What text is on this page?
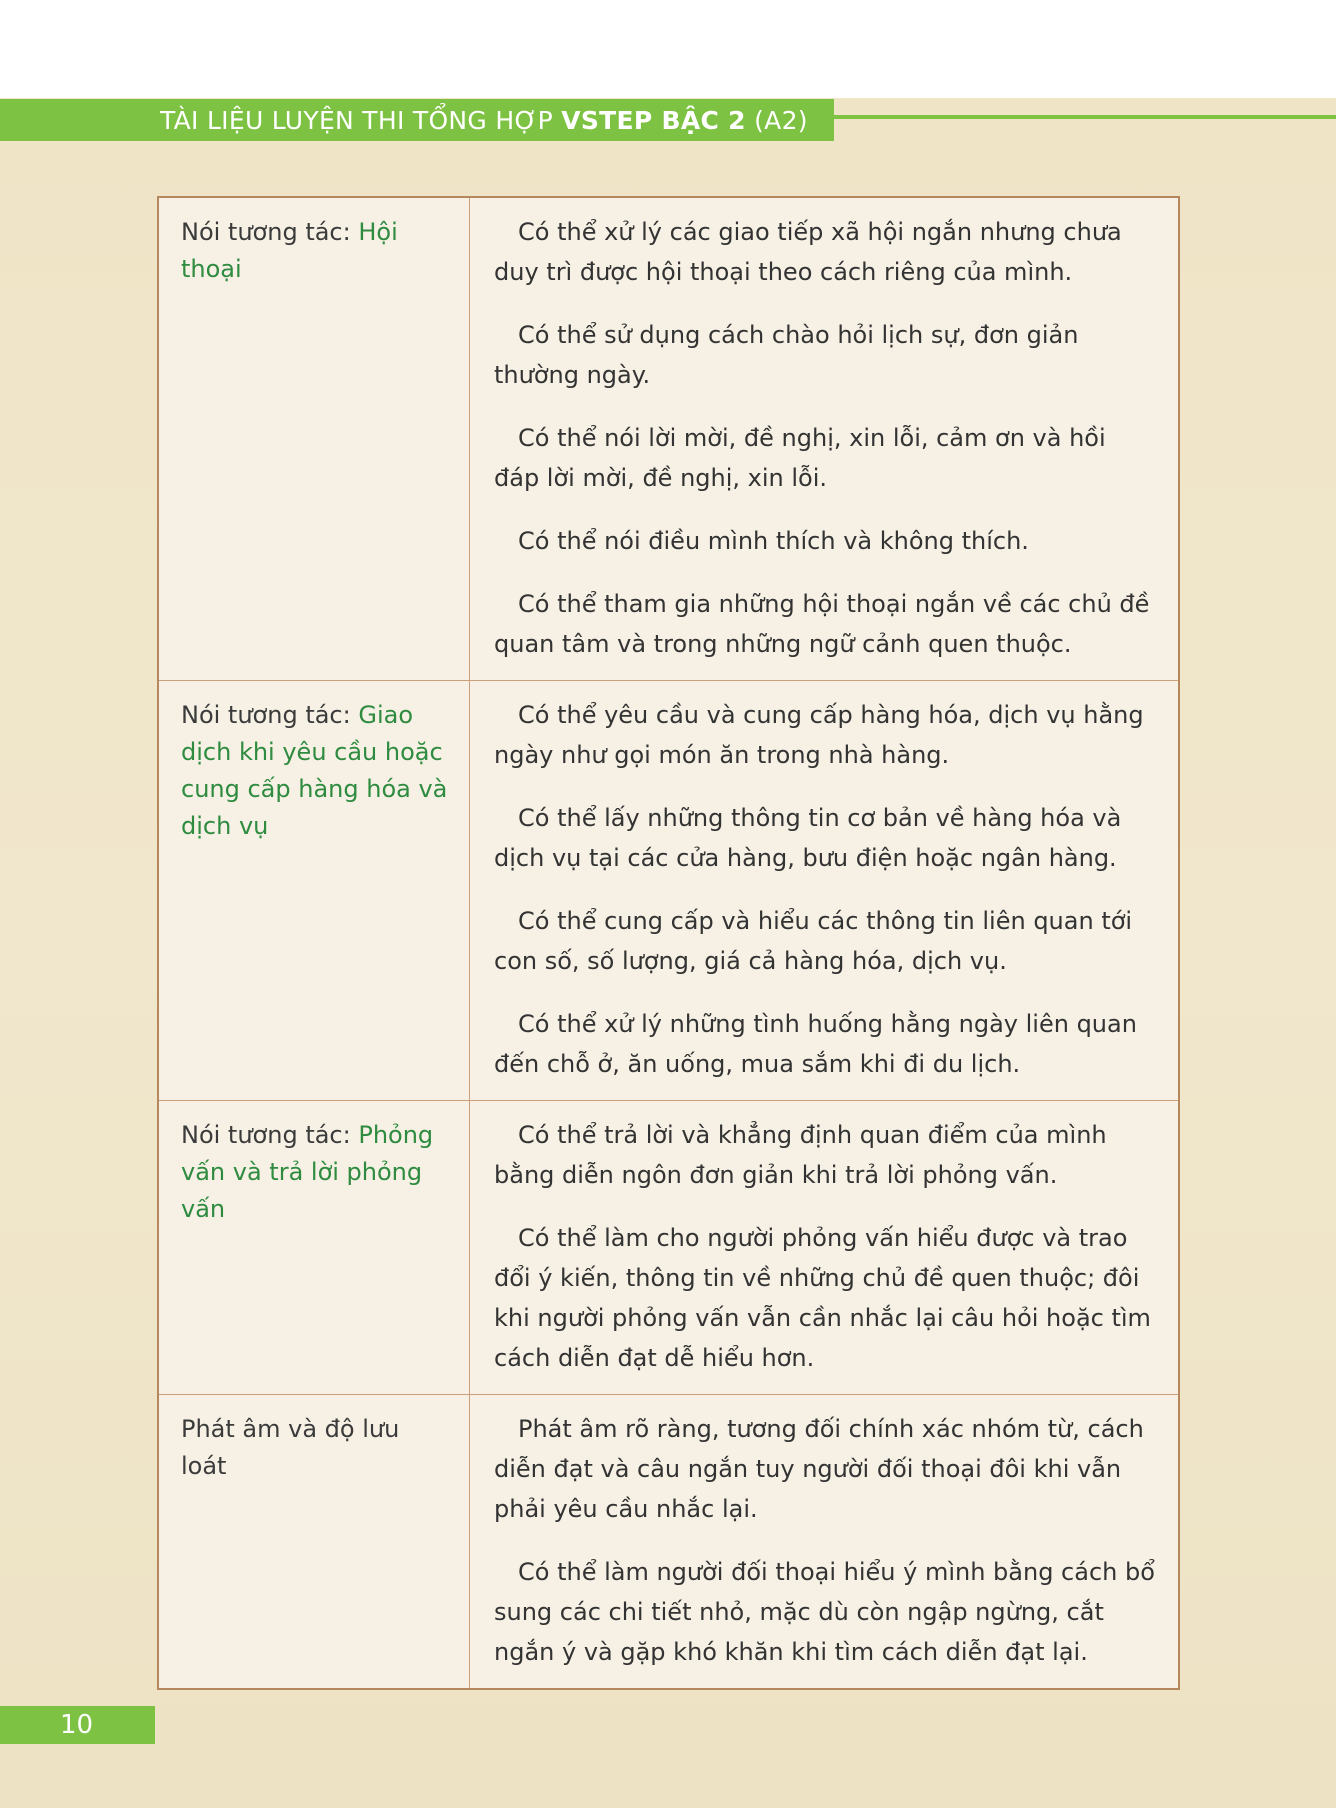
TÀI LIỆU LUYỆN THI TỔNG HỢP VSTEP BẬC 2 (A2)
Nói tương tác: Hội thoại	Có thể xử lý các giao tiếp xã hội ngắn nhưng chưa duy trì được hội thoại theo cách riêng của mình.

Có thể sử dụng cách chào hỏi lịch sự, đơn giản thường ngày.

Có thể nói lời mời, đề nghị, xin lỗi, cảm ơn và hồi đáp lời mời, đề nghị, xin lỗi.

Có thể nói điều mình thích và không thích.

Có thể tham gia những hội thoại ngắn về các chủ đề quan tâm và trong những ngữ cảnh quen thuộc.

Nói tương tác: Giao dịch khi yêu cầu hoặc cung cấp hàng hóa và dịch vụ	Có thể yêu cầu và cung cấp hàng hóa, dịch vụ hằng ngày như gọi món ăn trong nhà hàng.

Có thể lấy những thông tin cơ bản về hàng hóa và dịch vụ tại các cửa hàng, bưu điện hoặc ngân hàng.

Có thể cung cấp và hiểu các thông tin liên quan tới con số, số lượng, giá cả hàng hóa, dịch vụ.

Có thể xử lý những tình huống hằng ngày liên quan đến chỗ ở, ăn uống, mua sắm khi đi du lịch.

Nói tương tác: Phỏng vấn và trả lời phỏng vấn	Có thể trả lời và khẳng định quan điểm của mình bằng diễn ngôn đơn giản khi trả lời phỏng vấn.

Có thể làm cho người phỏng vấn hiểu được và trao đổi ý kiến, thông tin về những chủ đề quen thuộc; đôi khi người phỏng vấn vẫn cần nhắc lại câu hỏi hoặc tìm cách diễn đạt dễ hiểu hơn.

Phát âm và độ lưu loát	Phát âm rõ ràng, tương đối chính xác nhóm từ, cách diễn đạt và câu ngắn tuy người đối thoại đôi khi vẫn phải yêu cầu nhắc lại.

Có thể làm người đối thoại hiểu ý mình bằng cách bổ sung các chi tiết nhỏ, mặc dù còn ngập ngừng, cắt ngắn ý và gặp khó khăn khi tìm cách diễn đạt lại.

10
